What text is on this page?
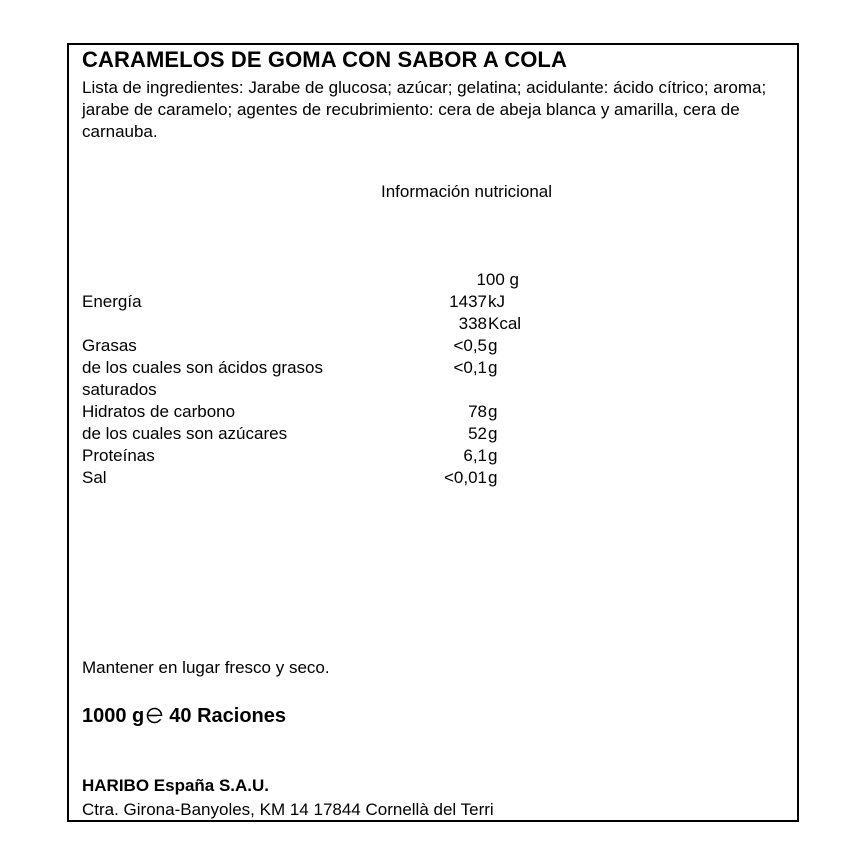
CARAMELOS DE GOMA CON SABOR A COLA
Lista de ingredientes: Jarabe de glucosa; azúcar; gelatina; acidulante: ácido cítrico; aroma; jarabe de caramelo; agentes de recubrimiento: cera de abeja blanca y amarilla, cera de carnauba.
Información nutricional
100 g
Energía	1437 kJ
338 Kcal
Grasas	<0,5 g
de los cuales son ácidos grasos	<0,1 g
saturados
Hidratos de carbono	78 g
de los cuales son azúcares	52 g
Proteínas	6,1 g
Sal	<0,01 g
Mantener en lugar fresco y seco.
1000 g 40 Raciones
HARIBO España S.A.U.
Ctra. Girona-Banyoles, KM 14 17844 Cornellà del Terri
